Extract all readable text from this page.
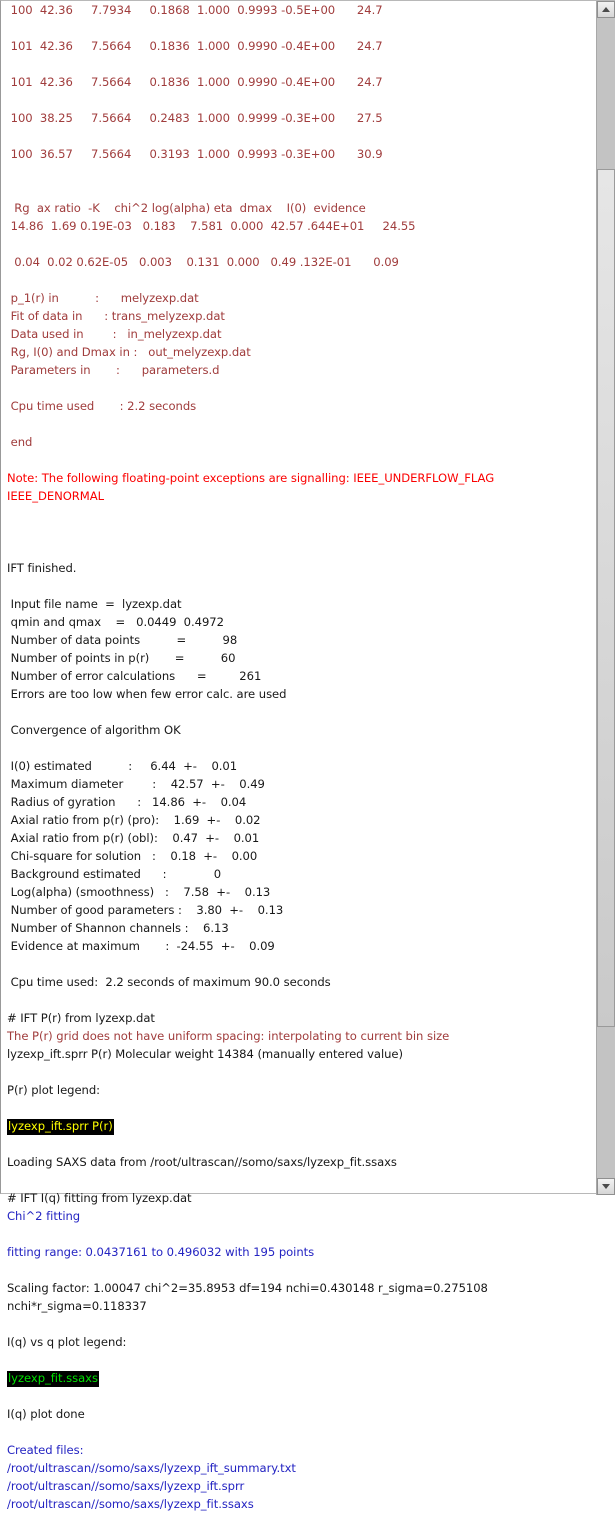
100  42.36     7.7934     0.1868  1.000  0.9993 -0.5E+00      24.7
101  42.36     7.5664     0.1836  1.000  0.9990 -0.4E+00      24.7
101  42.36     7.5664     0.1836  1.000  0.9990 -0.4E+00      24.7
100  38.25     7.5664     0.2483  1.000  0.9999 -0.3E+00      27.5
100  36.57     7.5664     0.3193  1.000  0.9993 -0.3E+00      30.9
Rg  ax ratio  -K    chi^2 log(alpha) eta  dmax    I(0)  evidence
14.86  1.69 0.19E-03   0.183    7.581  0.000  42.57 .644E+01     24.55
0.04  0.02 0.62E-05   0.003    0.131  0.000   0.49 .132E-01      0.09
p_1(r) in          :      melyzexp.dat
Fit of data in      : trans_melyzexp.dat
Data used in        :   in_melyzexp.dat
Rg, I(0) and Dmax in :   out_melyzexp.dat
Parameters in       :      parameters.d
Cpu time used       : 2.2 seconds
end
Note: The following floating-point exceptions are signalling: IEEE_UNDERFLOW_FLAG IEEE_DENORMAL
IFT finished.
Input file name  =  lyzexp.dat
qmin and qmax    =   0.0449  0.4972
Number of data points          =          98
Number of points in p(r)       =          60
Number of error calculations      =         261
Errors are too low when few error calc. are used
Convergence of algorithm OK
I(0) estimated          :     6.44  +-    0.01
Maximum diameter        :    42.57  +-    0.49
Radius of gyration      :   14.86  +-    0.04
Axial ratio from p(r) (pro):    1.69  +-    0.02
Axial ratio from p(r) (obl):    0.47  +-    0.01
Chi-square for solution   :    0.18  +-    0.00
Background estimated      :             0
Log(alpha) (smoothness)   :    7.58  +-    0.13
Number of good parameters :    3.80  +-    0.13
Number of Shannon channels :    6.13
Evidence at maximum       :  -24.55  +-    0.09
Cpu time used:  2.2 seconds of maximum 90.0 seconds
# IFT P(r) from lyzexp.dat
The P(r) grid does not have uniform spacing: interpolating to current bin size
lyzexp_ift.sprr P(r) Molecular weight 14384 (manually entered value)
P(r) plot legend:
lyzexp_ift.sprr P(r)
Loading SAXS data from /root/ultrascan//somo/saxs/lyzexp_fit.ssaxs
# IFT I(q) fitting from lyzexp.dat
Chi^2 fitting
fitting range: 0.0437161 to 0.496032 with 195 points
Scaling factor: 1.00047 chi^2=35.8953 df=194 nchi=0.430148 r_sigma=0.275108 nchi*r_sigma=0.118337
I(q) vs q plot legend:
lyzexp_fit.ssaxs
I(q) plot done
Created files:
/root/ultrascan//somo/saxs/lyzexp_ift_summary.txt
/root/ultrascan//somo/saxs/lyzexp_ift.sprr
/root/ultrascan//somo/saxs/lyzexp_fit.ssaxs
